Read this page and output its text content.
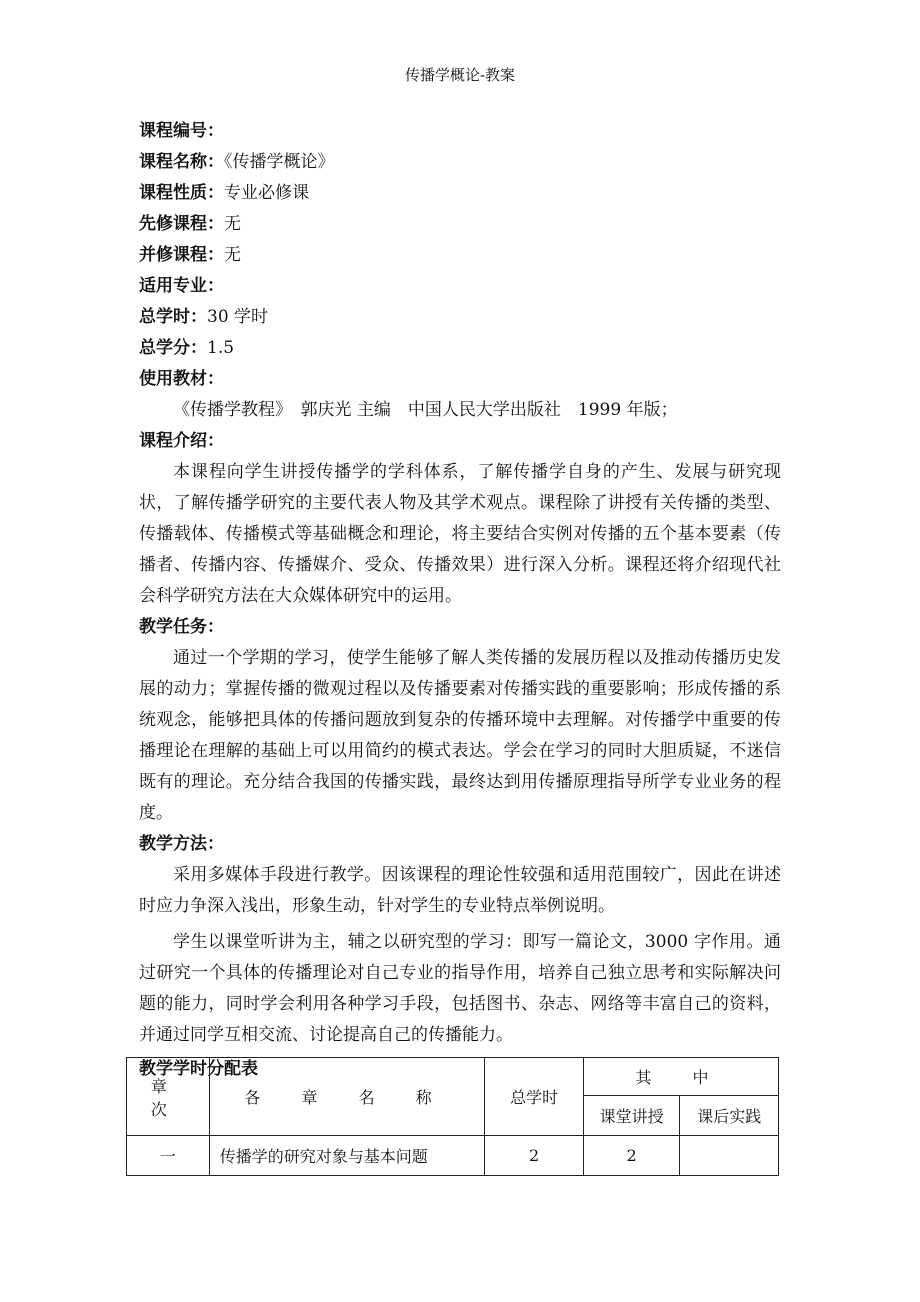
传播学概论-教案
课程编号：
课程名称：《传播学概论》
课程性质：专业必修课
先修课程：无
并修课程：无
适用专业：
总学时：30 学时
总学分：1.5
使用教材：
《传播学教程》　郭庆光 主编　中国人民大学出版社　1999 年版；
课程介绍：
本课程向学生讲授传播学的学科体系，了解传播学自身的产生、发展与研究现状，了解传播学研究的主要代表人物及其学术观点。课程除了讲授有关传播的类型、传播载体、传播模式等基础概念和理论，将主要结合实例对传播的五个基本要素（传播者、传播内容、传播媒介、受众、传播效果）进行深入分析。课程还将介绍现代社会科学研究方法在大众媒体研究中的运用。
教学任务：
通过一个学期的学习，使学生能够了解人类传播的发展历程以及推动传播历史发展的动力；掌握传播的微观过程以及传播要素对传播实践的重要影响；形成传播的系统观念，能够把具体的传播问题放到复杂的传播环境中去理解。对传播学中重要的传播理论在理解的基础上可以用简约的模式表达。学会在学习的同时大胆质疑，不迷信既有的理论。充分结合我国的传播实践，最终达到用传播原理指导所学专业业务的程度。
教学方法：
采用多媒体手段进行教学。因该课程的理论性较强和适用范围较广，因此在讲述时应力争深入浅出，形象生动，针对学生的专业特点举例说明。
学生以课堂听讲为主，辅之以研究型的学习：即写一篇论文，3000 字作用。通过研究一个具体的传播理论对自己专业的指导作用，培养自己独立思考和实际解决问题的能力，同时学会利用各种学习手段，包括图书、杂志、网络等丰富自己的资料，并通过同学互相交流、讨论提高自己的传播能力。
教学学时分配表
章 次	各 章 名 称	总学时	其 中	
			课堂讲授	课后实践
一	传播学的研究对象与基本问题	2	2	
